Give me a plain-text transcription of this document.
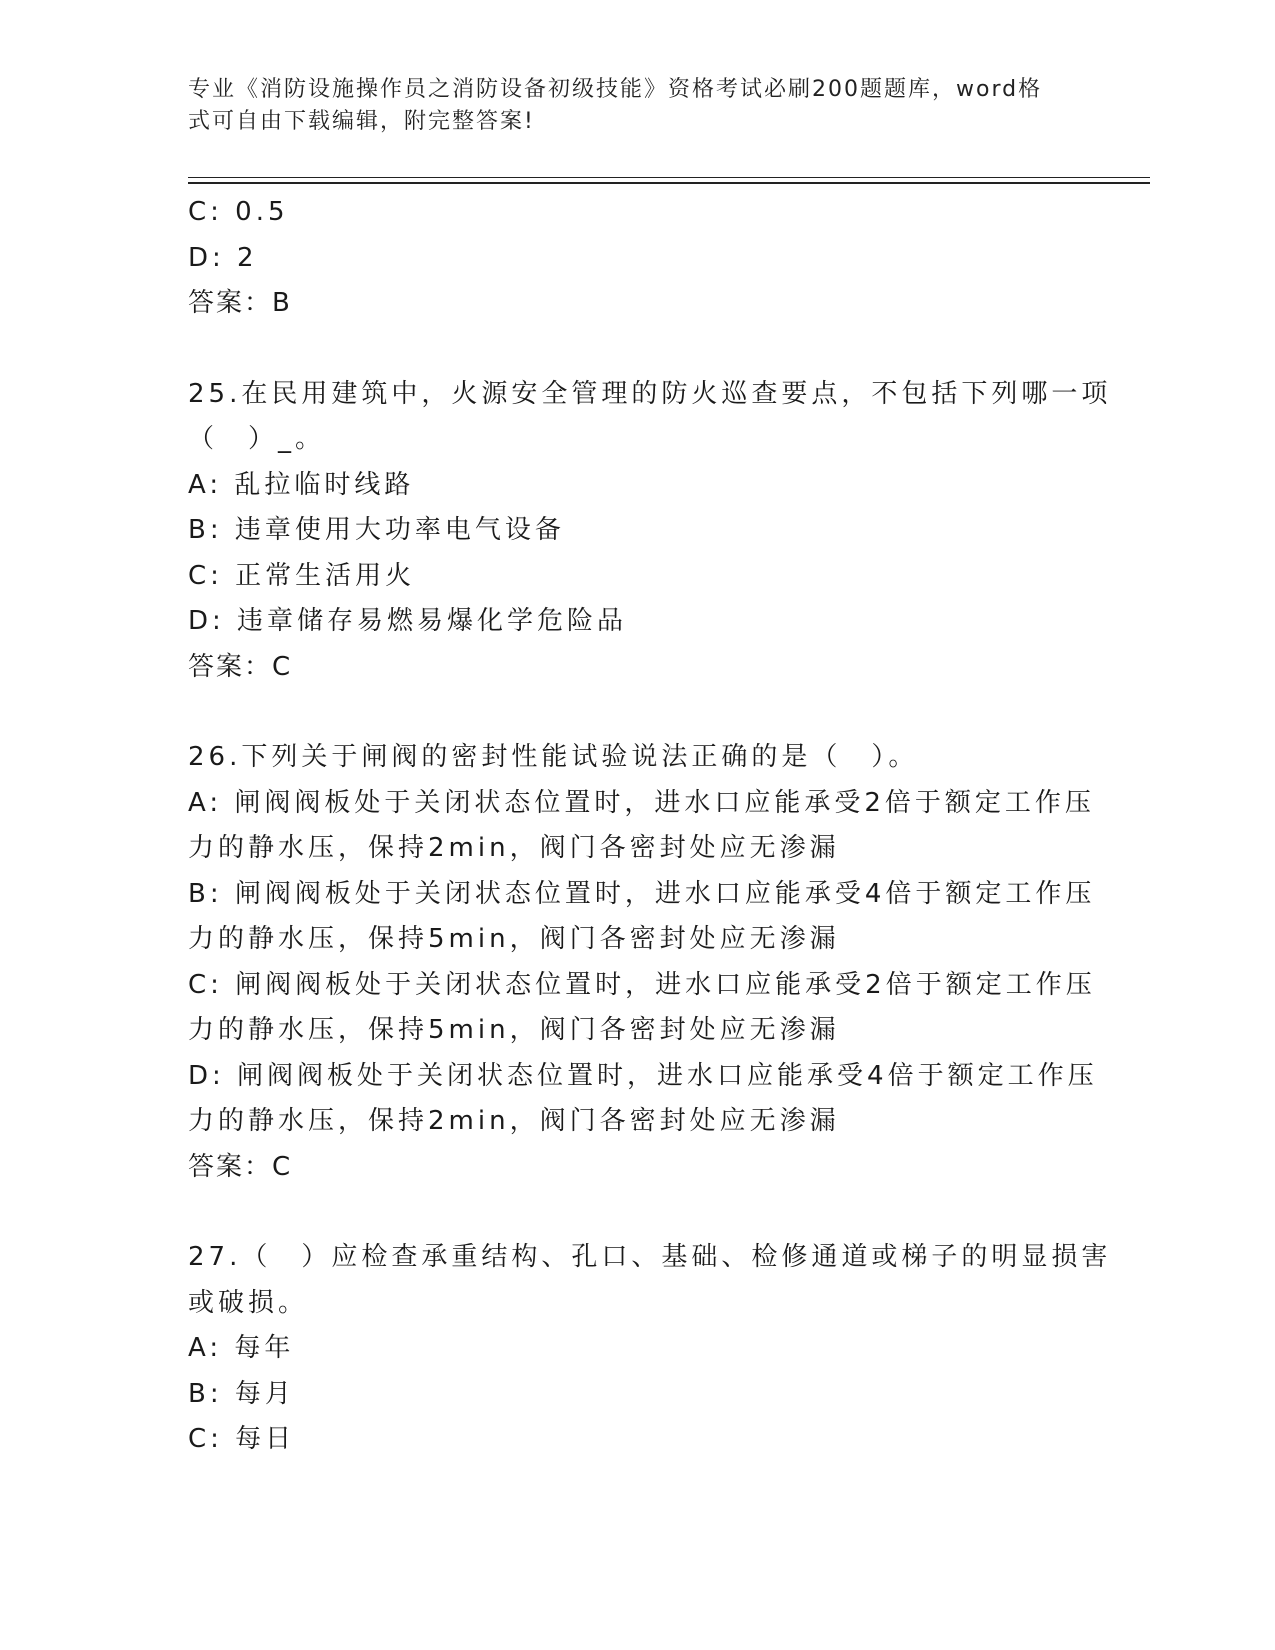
专业《消防设施操作员之消防设备初级技能》资格考试必刷200题题库，word格
式可自由下载编辑，附完整答案!
C: 0.5
D: 2
答案：B
25.在民用建筑中，火源安全管理的防火巡查要点，不包括下列哪一项
（　）_。
A: 乱拉临时线路
B: 违章使用大功率电气设备
C: 正常生活用火
D: 违章储存易燃易爆化学危险品
答案：C
26.下列关于闸阀的密封性能试验说法正确的是（　）。
A: 闸阀阀板处于关闭状态位置时，进水口应能承受2倍于额定工作压
力的静水压，保持2min，阀门各密封处应无渗漏
B: 闸阀阀板处于关闭状态位置时，进水口应能承受4倍于额定工作压
力的静水压，保持5min，阀门各密封处应无渗漏
C: 闸阀阀板处于关闭状态位置时，进水口应能承受2倍于额定工作压
力的静水压，保持5min，阀门各密封处应无渗漏
D: 闸阀阀板处于关闭状态位置时，进水口应能承受4倍于额定工作压
力的静水压，保持2min，阀门各密封处应无渗漏
答案：C
27.（　）应检查承重结构、孔口、基础、检修通道或梯子的明显损害
或破损。
A: 每年
B: 每月
C: 每日
